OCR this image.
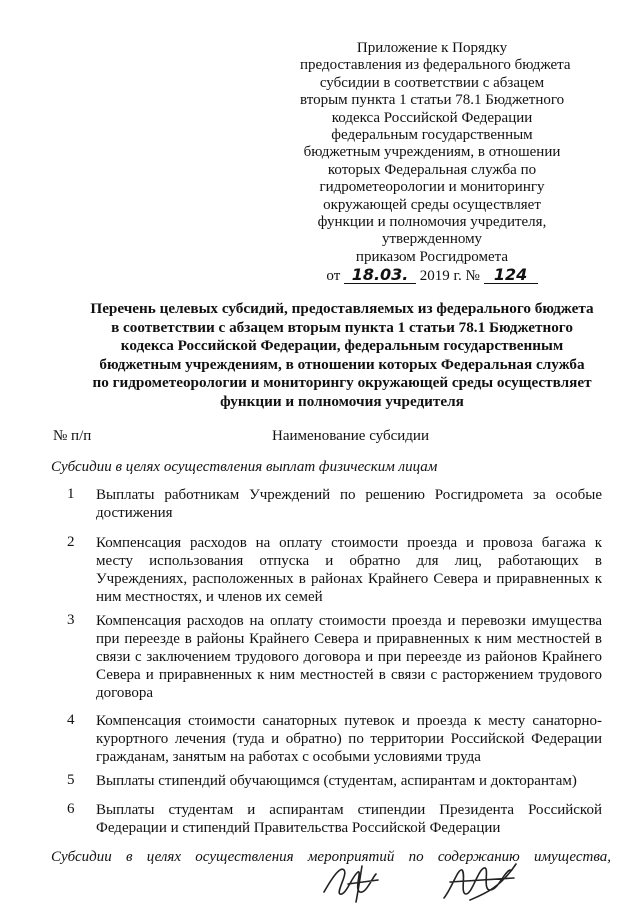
Приложение к Порядку
предоставления из федерального бюджета
субсидии в соответствии с абзацем
вторым пункта 1 статьи 78.1 Бюджетного
кодекса Российской Федерации
федеральным государственным
бюджетным учреждениям, в отношении
которых Федеральная служба по
гидрометеорологии и мониторингу
окружающей среды осуществляет
функции и полномочия учредителя,
утвержденному
приказом Росгидромета
от 18.03. 2019 г. № 124
Перечень целевых субсидий, предоставляемых из федерального бюджета
в соответствии с абзацем вторым пункта 1 статьи 78.1 Бюджетного
кодекса Российской Федерации, федеральным государственным
бюджетным учреждениям, в отношении которых Федеральная служба
по гидрометеорологии и мониторингу окружающей среды осуществляет
функции и полномочия учредителя
№ п/п	Наименование субсидии
Субсидии в целях осуществления выплат физическим лицам
1 Выплаты работникам Учреждений по решению Росгидромета за особые
достижения
2 Компенсация расходов на оплату стоимости проезда и провоза багажа к
месту использования отпуска и обратно для лиц, работающих в
Учреждениях, расположенных в районах Крайнего Севера и приравненных к
ним местностях, и членов их семей
3 Компенсация расходов на оплату стоимости проезда и перевозки имущества
при переезде в районы Крайнего Севера и приравненных к ним местностей в
связи с заключением трудового договора и при переезде из районов Крайнего
Севера и приравненных к ним местностей в связи с расторжением трудового
договора
4 Компенсация стоимости санаторных путевок и проезда к месту санаторно-
курортного лечения (туда и обратно) по территории Российской Федерации
гражданам, занятым на работах с особыми условиями труда
5 Выплаты стипендий обучающимся (студентам, аспирантам и докторантам)
6 Выплаты студентам и аспирантам стипендии Президента Российской
Федерации и стипендий Правительства Российской Федерации
Субсидии в целях осуществления мероприятий по содержанию имущества,
